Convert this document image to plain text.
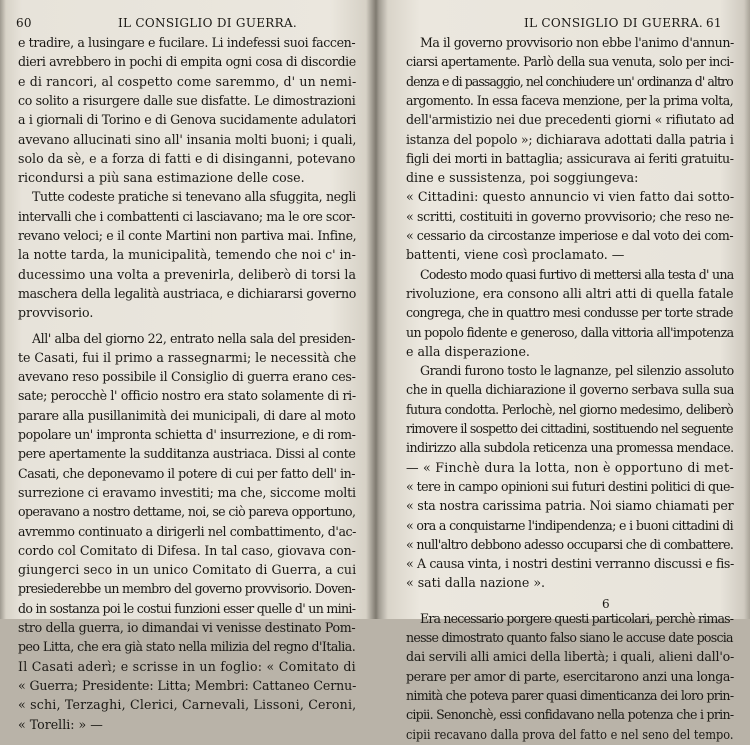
60	IL CONSIGLIO DI GUERRA.
e tradire, a lusingare e fucilare. Li indefessi suoi faccen-
dieri avrebbero in pochi di empita ogni cosa di discordie
e di rancori, al cospetto come saremmo, d' un nemi-
co solito a risurgere dalle sue disfatte. Le dimostrazioni
a i giornali di Torino e di Genova sucidamente adulatori
avevano allucinati sino all' insania molti buoni; i quali,
solo da sè, e a forza di fatti e di disinganni, potevano
ricondursi a più sana estimazione delle cose.
Tutte codeste pratiche si tenevano alla sfuggita, negli
intervalli che i combattenti ci lasciavano; ma le ore scor-
revano veloci; e il conte Martini non partiva mai. Infine,
la notte tarda, la municipalità, temendo che noi c' in-
ducessimo una volta a prevenirla, deliberò di torsi la
maschera della legalità austriaca, e dichiararsi governo
provvisorio.
All' alba del giorno 22, entrato nella sala del presiden-
te Casati, fui il primo a rassegnarmi; le necessità che
avevano reso possibile il Consiglio di guerra erano ces-
sate; perocchè l' officio nostro era stato solamente di ri-
parare alla pusillanimità dei municipali, di dare al moto
popolare un' impronta schietta d' insurrezione, e di rom-
pere apertamente la sudditanza austriaca. Dissi al conte
Casati, che deponevamo il potere di cui per fatto dell' in-
surrezione ci eravamo investiti; ma che, siccome molti
operavano a nostro dettame, noi, se ciò pareva opportuno,
avremmo continuato a dirigerli nel combattimento, d'ac-
cordo col Comitato di Difesa. In tal caso, giovava con-
giungerci seco in un unico Comitato di Guerra, a cui
presiederebbe un membro del governo provvisorio. Doven-
do in sostanza poi le costui funzioni esser quelle d' un mini-
stro della guerra, io dimandai vi venisse destinato Pom-
peo Litta, che era già stato nella milizia del regno d'Italia.
Il Casati aderì; e scrisse in un foglio: « Comitato di
« Guerra; Presidente: Litta; Membri: Cattaneo Cernu-
« schi, Terzaghi, Clerici, Carnevali, Lissoni, Ceroni,
« Torelli: » —
IL CONSIGLIO DI GUERRA. 61
Ma il governo provvisorio non ebbe l'animo d'annun-
ciarsi apertamente. Parlò della sua venuta, solo per inci-
denza e di passaggio, nel conchiudere un' ordinanza d' altro
argomento. In essa faceva menzione, per la prima volta,
dell'armistizio nei due precedenti giorni « rifiutato ad
istanza del popolo »; dichiarava adottati dalla patria i
figli dei morti in battaglia; assicurava ai feriti gratuitu-
dine e sussistenza, poi soggiungeva:
« Cittadini: questo annuncio vi vien fatto dai sotto-
« scritti, costituiti in governo provvisorio; che reso ne-
« cessario da circostanze imperiose e dal voto dei com-
battenti, viene così proclamato. —
Codesto modo quasi furtivo di mettersi alla testa d' una
rivoluzione, era consono alli altri atti di quella fatale
congrega, che in quattro mesi condusse per torte strade
un popolo fidente e generoso, dalla vittoria all'impotenza
e alla disperazione.
Grandi furono tosto le lagnanze, pel silenzio assoluto
che in quella dichiarazione il governo serbava sulla sua
futura condotta. Perlochè, nel giorno medesimo, deliberò
rimovere il sospetto dei cittadini, sostituendo nel seguente
indirizzo alla subdola reticenza una promessa mendace.
— « Finchè dura la lotta, non è opportuno di met-
« tere in campo opinioni sui futuri destini politici di que-
« sta nostra carissima patria. Noi siamo chiamati per
« ora a conquistarne l'indipendenza; e i buoni cittadini di
« null'altro debbono adesso occuparsi che di combattere.
« A causa vinta, i nostri destini verranno discussi e fis-
« sati dalla nazione ».
Era necessario porgere questi particolari, perchè rimas-
nesse dimostrato quanto falso siano le accuse date poscia
dai servili alli amici della libertà; i quali, alieni dall'o-
perare per amor di parte, esercitarono anzi una longa-
nimità che poteva parer quasi dimenticanza dei loro prin-
cipii. Senonchè, essi confidavano nella potenza che i prin-
cipii recavano dalla prova del fatto e nel seno del tempo.
6
